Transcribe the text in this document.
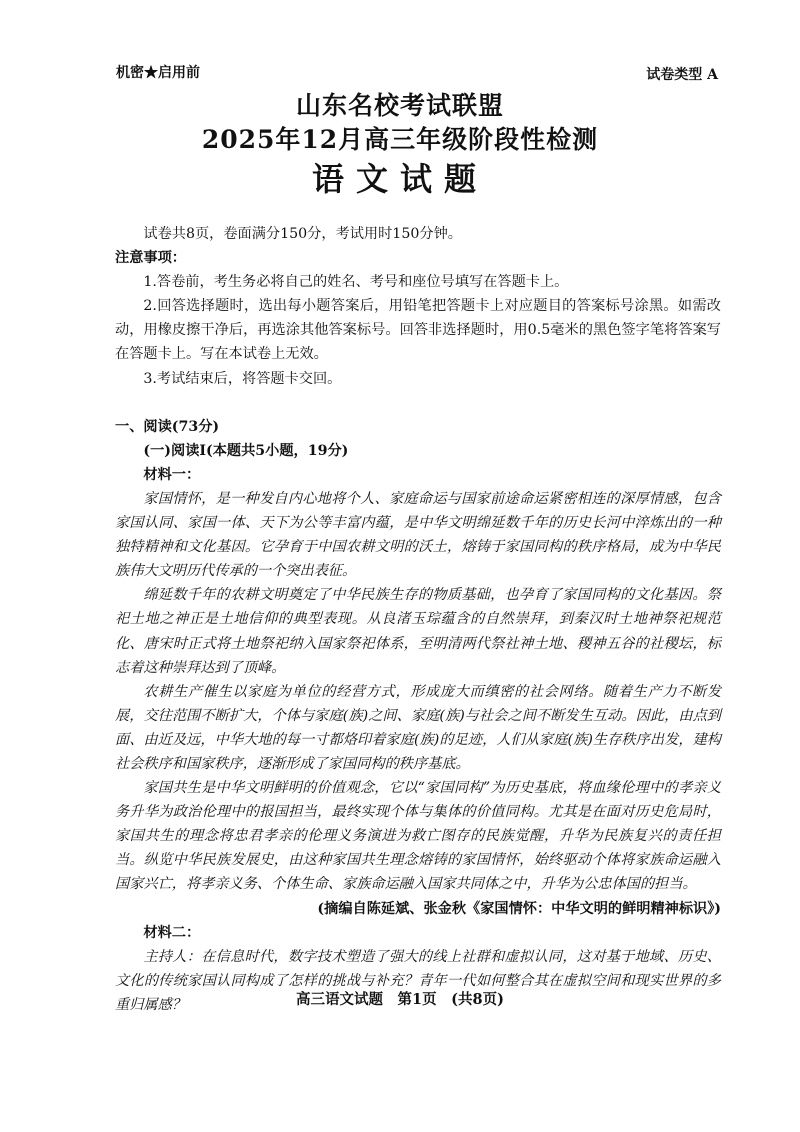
机密★启用前	试卷类型 A
山东名校考试联盟
2025年12月高三年级阶段性检测
语文试题

试卷共8页，卷面满分150分，考试用时150分钟。

注意事项：

1.答卷前，考生务必将自己的姓名、考号和座位号填写在答题卡上。

2.回答选择题时，选出每小题答案后，用铅笔把答题卡上对应题目的答案标号涂黑。如需改动，用橡皮擦干净后，再选涂其他答案标号。回答非选择题时，用0.5毫米的黑色签字笔将答案写在答题卡上。写在本试卷上无效。

3.考试结束后，将答题卡交回。

一、阅读(73分)

(一)阅读Ⅰ(本题共5小题，19分)

材料一：

家国情怀，是一种发自内心地将个人、家庭命运与国家前途命运紧密相连的深厚情感，包含家国认同、家国一体、天下为公等丰富内蕴，是中华文明绵延数千年的历史长河中淬炼出的一种独特精神和文化基因。它孕育于中国农耕文明的沃土，熔铸于家国同构的秩序格局，成为中华民族伟大文明历代传承的一个突出表征。

绵延数千年的农耕文明奠定了中华民族生存的物质基础，也孕育了家国同构的文化基因。祭祀土地之神正是土地信仰的典型表现。从良渚玉琮蕴含的自然崇拜，到秦汉时土地神祭祀规范化、唐宋时正式将土地祭祀纳入国家祭祀体系，至明清两代祭社神土地、稷神五谷的社稷坛，标志着这种崇拜达到了顶峰。

农耕生产催生以家庭为单位的经营方式，形成庞大而缜密的社会网络。随着生产力不断发展，交往范围不断扩大，个体与家庭(族)之间、家庭(族)与社会之间不断发生互动。因此，由点到面、由近及远，中华大地的每一寸都烙印着家庭(族)的足迹，人们从家庭(族)生存秩序出发，建构社会秩序和国家秩序，逐渐形成了家国同构的秩序基底。

家国共生是中华文明鲜明的价值观念，它以“家国同构”为历史基底，将血缘伦理中的孝亲义务升华为政治伦理中的报国担当，最终实现个体与集体的价值同构。尤其是在面对历史危局时，家国共生的理念将忠君孝亲的伦理义务演进为救亡图存的民族觉醒，升华为民族复兴的责任担当。纵览中华民族发展史，由这种家国共生理念熔铸的家国情怀，始终驱动个体将家族命运融入国家兴亡，将孝亲义务、个体生命、家族命运融入国家共同体之中，升华为公忠体国的担当。

(摘编自陈延斌、张金秋《家国情怀：中华文明的鲜明精神标识》)

材料二：

主持人：在信息时代，数字技术塑造了强大的线上社群和虚拟认同，这对基于地域、历史、文化的传统家国认同构成了怎样的挑战与补充？青年一代如何整合其在虚拟空间和现实世界的多重归属感？	高三语文试题　第1页　(共8页)
